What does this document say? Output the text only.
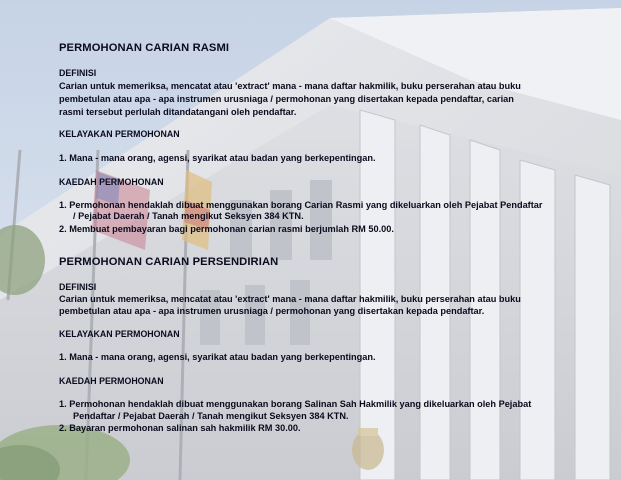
PERMOHONAN CARIAN RASMI
DEFINISI
Carian untuk memeriksa, mencatat atau 'extract' mana - mana daftar hakmilik, buku perserahan atau buku
pembetulan atau apa - apa instrumen urusniaga / permohonan yang disertakan kepada pendaftar, carian
rasmi tersebut perlulah ditandatangani oleh pendaftar.
KELAYAKAN PERMOHONAN
1. Mana - mana orang, agensi, syarikat atau badan yang berkepentingan.
KAEDAH PERMOHONAN
1. Permohonan hendaklah dibuat menggunakan borang Carian Rasmi yang dikeluarkan oleh Pejabat Pendaftar
/ Pejabat Daerah / Tanah mengikut Seksyen 384 KTN.
2. Membuat pembayaran bagi permohonan carian rasmi berjumlah RM 50.00.
PERMOHONAN CARIAN PERSENDIRIAN
DEFINISI
Carian untuk memeriksa, mencatat atau 'extract' mana - mana daftar hakmilik, buku perserahan atau buku
pembetulan atau apa - apa instrumen urusniaga / permohonan yang disertakan kepada pendaftar.
KELAYAKAN PERMOHONAN
1. Mana - mana orang, agensi, syarikat atau badan yang berkepentingan.
KAEDAH PERMOHONAN
1. Permohonan hendaklah dibuat menggunakan borang Salinan Sah Hakmilik yang dikeluarkan oleh Pejabat
Pendaftar / Pejabat Daerah / Tanah mengikut Seksyen 384 KTN.
2. Bayaran permohonan salinan sah hakmilik RM 30.00.
